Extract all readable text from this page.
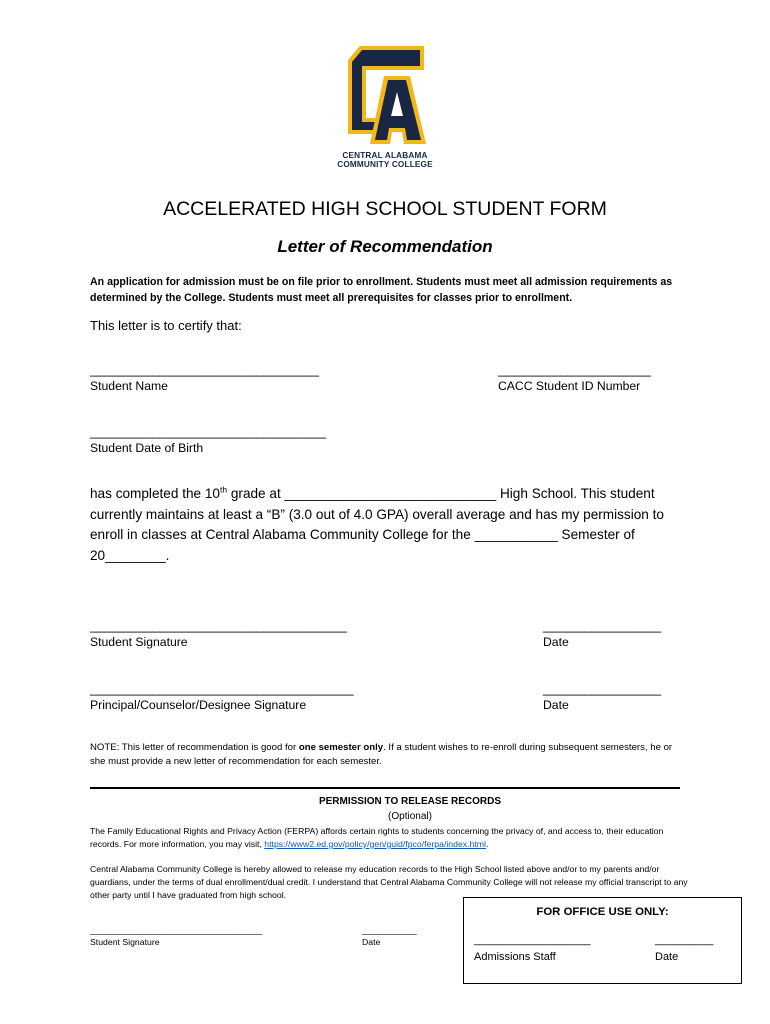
CENTRAL ALABAMA
COMMUNITY COLLEGE
ACCELERATED HIGH SCHOOL STUDENT FORM
Letter of Recommendation
An application for admission must be on file prior to enrollment. Students must meet all admission requirements as determined by the College. Students must meet all prerequisites for classes prior to enrollment.
This letter is to certify that:
_________________________________
Student Name
______________________
CACC Student ID Number
__________________________________
Student Date of Birth
has completed the 10th grade at ____________________________ High School. This student currently maintains at least a “B” (3.0 out of 4.0 GPA) overall average and has my permission to enroll in classes at Central Alabama Community College for the ___________ Semester of 20________.
_____________________________________
Student Signature
_________________
Date
______________________________________
Principal/Counselor/Designee Signature
_________________
Date
NOTE: This letter of recommendation is good for one semester only. If a student wishes to re-enroll during subsequent semesters, he or she must provide a new letter of recommendation for each semester.
PERMISSION TO RELEASE RECORDS
(Optional)
The Family Educational Rights and Privacy Action (FERPA) affords certain rights to students concerning the privacy of, and access to, their education records. For more information, you may visit, https://www2.ed.gov/policy/gen/guid/fpco/ferpa/index.html.
Central Alabama Community College is hereby allowed to release my education records to the High School listed above and/or to my parents and/or guardians, under the terms of dual enrollment/dual credit. I understand that Central Alabama Community College will not release my official transcript to any other party until I have graduated from high school.
______________________________________
Student Signature
____________
Date
FOR OFFICE USE ONLY:
____________________
Admissions Staff
__________
Date
